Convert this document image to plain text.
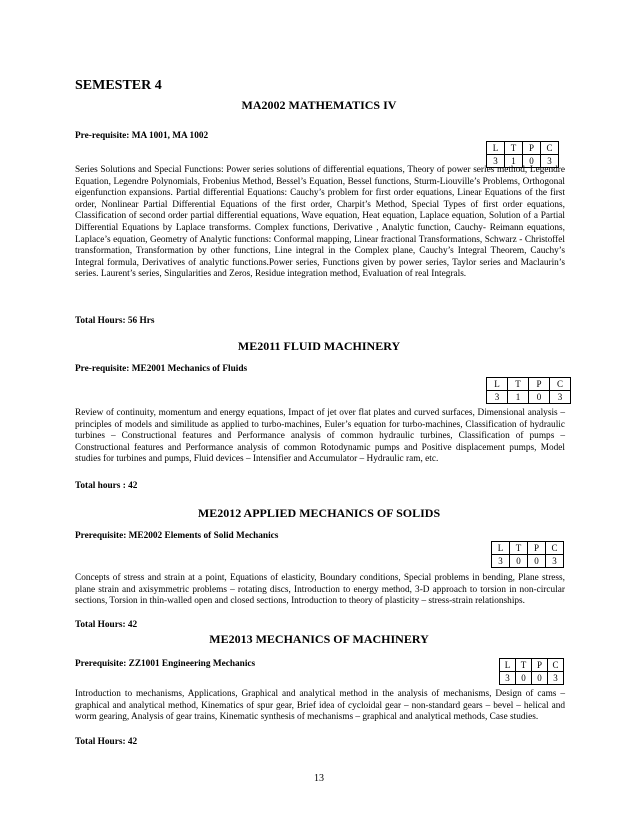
SEMESTER 4
MA2002 MATHEMATICS IV
Pre-requisite: MA 1001, MA 1002
L	T	P	C
3	1	0	3
Series Solutions and Special Functions: Power series solutions of differential equations, Theory of power series method, Legendre Equation, Legendre Polynomials, Frobenius Method, Bessel’s Equation, Bessel functions, Sturm-Liouville’s Problems, Orthogonal eigenfunction expansions. Partial differential Equations: Cauchy’s problem for first order equations, Linear Equations of the first order, Nonlinear Partial Differential Equations of the first order, Charpit’s Method, Special Types of first order equations, Classification of second order partial differential equations, Wave equation, Heat equation, Laplace equation, Solution of a Partial Differential Equations by Laplace transforms. Complex functions, Derivative , Analytic function, Cauchy- Reimann equations, Laplace’s equation, Geometry of Analytic functions: Conformal mapping, Linear fractional Transformations, Schwarz - Christoffel transformation, Transformation by other functions, Line integral in the Complex plane, Cauchy’s Integral Theorem, Cauchy’s Integral formula, Derivatives of analytic functions.Power series, Functions given by power series, Taylor series and Maclaurin’s series. Laurent’s series, Singularities and Zeros, Residue integration method, Evaluation of real Integrals.
Total Hours: 56 Hrs
ME2011 FLUID MACHINERY
Pre-requisite: ME2001 Mechanics of Fluids
L	T	P	C
3	1	0	3
Review of continuity, momentum and energy equations, Impact of jet over flat plates and curved surfaces, Dimensional analysis – principles of models and similitude as applied to turbo-machines, Euler’s equation for turbo-machines, Classification of hydraulic turbines – Constructional features and Performance analysis of common hydraulic turbines, Classification of pumps –Constructional features and Performance analysis of common Rotodynamic pumps and Positive displacement pumps, Model studies for turbines and pumps, Fluid devices – Intensifier and Accumulator – Hydraulic ram, etc.
Total hours : 42
ME2012 APPLIED MECHANICS OF SOLIDS
Prerequisite: ME2002 Elements of Solid Mechanics
L	T	P	C
3	0	0	3
Concepts of stress and strain at a point, Equations of elasticity, Boundary conditions, Special problems in bending, Plane stress, plane strain and axisymmetric problems – rotating discs, Introduction to energy method, 3-D approach to torsion in non-circular sections, Torsion in thin-walled open and closed sections, Introduction to theory of plasticity – stress-strain relationships.
Total Hours: 42
ME2013 MECHANICS OF MACHINERY
Prerequisite: ZZ1001 Engineering Mechanics	L	T	P	C
3	0	0	3
Introduction to mechanisms, Applications, Graphical and analytical method in the analysis of mechanisms, Design of cams – graphical and analytical method, Kinematics of spur gear, Brief idea of cycloidal gear – non-standard gears – bevel – helical and worm gearing, Analysis of gear trains, Kinematic synthesis of mechanisms – graphical and analytical methods, Case studies.
Total Hours: 42
13
